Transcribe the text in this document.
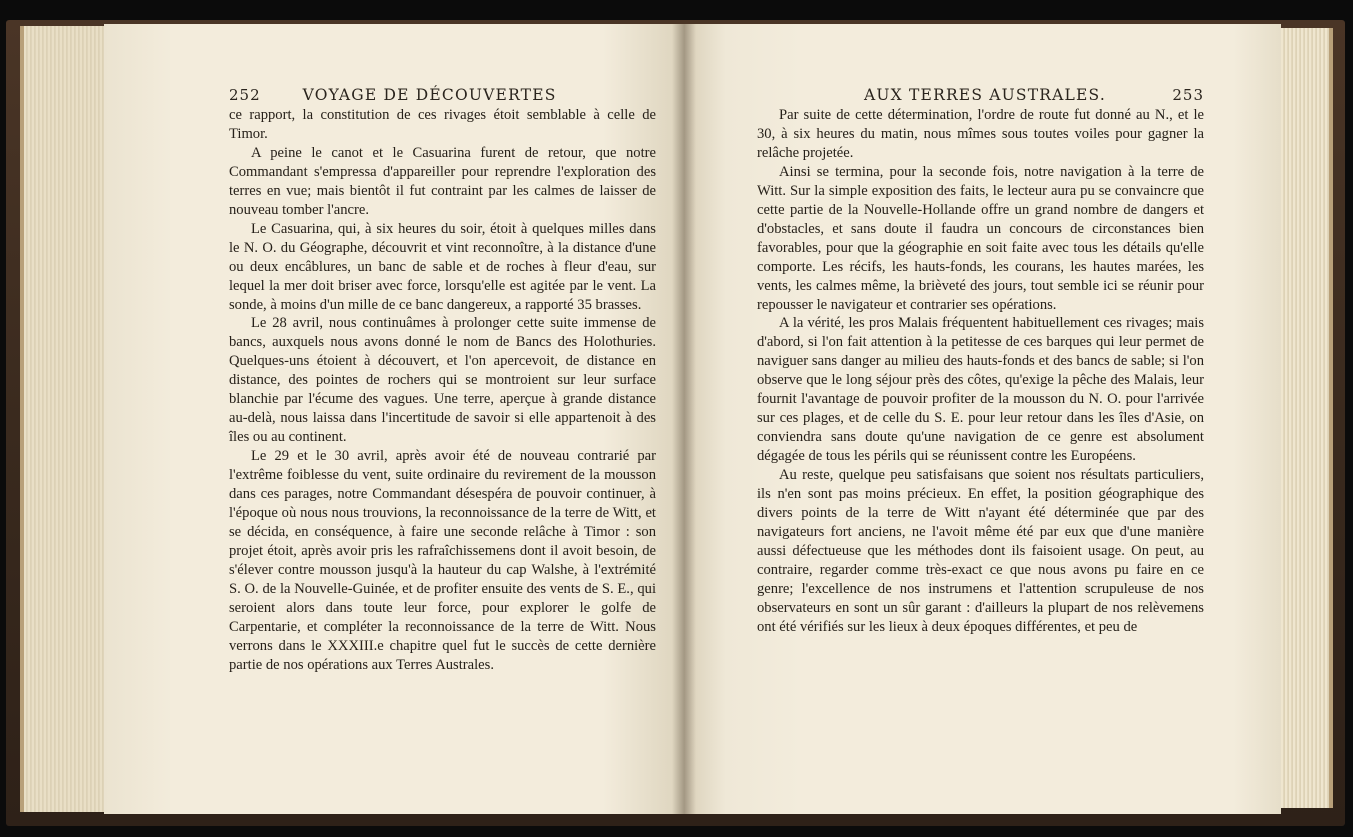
252	VOYAGE DE DÉCOUVERTES

ce rapport, la constitution de ces rivages étoit semblable à celle de Timor.

A peine le canot et le Casuarina furent de retour, que notre Commandant s'empressa d'appareiller pour reprendre l'exploration des terres en vue; mais bientôt il fut contraint par les calmes de laisser de nouveau tomber l'ancre.

Le Casuarina, qui, à six heures du soir, étoit à quelques milles dans le N. O. du Géographe, découvrit et vint reconnoître, à la distance d'une ou deux encâblures, un banc de sable et de roches à fleur d'eau, sur lequel la mer doit briser avec force, lorsqu'elle est agitée par le vent. La sonde, à moins d'un mille de ce banc dangereux, a rapporté 35 brasses.

Le 28 avril, nous continuâmes à prolonger cette suite immense de bancs, auxquels nous avons donné le nom de Bancs des Holothuries. Quelques-uns étoient à découvert, et l'on apercevoit, de distance en distance, des pointes de rochers qui se montroient sur leur surface blanchie par l'écume des vagues. Une terre, aperçue à grande distance au-delà, nous laissa dans l'incertitude de savoir si elle appartenoit à des îles ou au continent.

Le 29 et le 30 avril, après avoir été de nouveau contrarié par l'extrême foiblesse du vent, suite ordinaire du revirement de la mousson dans ces parages, notre Commandant désespéra de pouvoir continuer, à l'époque où nous nous trouvions, la reconnoissance de la terre de Witt, et se décida, en conséquence, à faire une seconde relâche à Timor : son projet étoit, après avoir pris les rafraîchissemens dont il avoit besoin, de s'élever contre mousson jusqu'à la hauteur du cap Walshe, à l'extrémité S. O. de la Nouvelle-Guinée, et de profiter ensuite des vents de S. E., qui seroient alors dans toute leur force, pour explorer le golfe de Carpentarie, et compléter la reconnoissance de la terre de Witt. Nous verrons dans le XXXIII.e chapitre quel fut le succès de cette dernière partie de nos opérations aux Terres Australes.

AUX TERRES AUSTRALES.	253

Par suite de cette détermination, l'ordre de route fut donné au N., et le 30, à six heures du matin, nous mîmes sous toutes voiles pour gagner la relâche projetée.

Ainsi se termina, pour la seconde fois, notre navigation à la terre de Witt. Sur la simple exposition des faits, le lecteur aura pu se convaincre que cette partie de la Nouvelle-Hollande offre un grand nombre de dangers et d'obstacles, et sans doute il faudra un concours de circonstances bien favorables, pour que la géographie en soit faite avec tous les détails qu'elle comporte. Les récifs, les hauts-fonds, les courans, les hautes marées, les vents, les calmes même, la brièveté des jours, tout semble ici se réunir pour repousser le navigateur et contrarier ses opérations.

A la vérité, les pros Malais fréquentent habituellement ces rivages; mais d'abord, si l'on fait attention à la petitesse de ces barques qui leur permet de naviguer sans danger au milieu des hauts-fonds et des bancs de sable; si l'on observe que le long séjour près des côtes, qu'exige la pêche des Malais, leur fournit l'avantage de pouvoir profiter de la mousson du N. O. pour l'arrivée sur ces plages, et de celle du S. E. pour leur retour dans les îles d'Asie, on conviendra sans doute qu'une navigation de ce genre est absolument dégagée de tous les périls qui se réunissent contre les Européens.

Au reste, quelque peu satisfaisans que soient nos résultats particuliers, ils n'en sont pas moins précieux. En effet, la position géographique des divers points de la terre de Witt n'ayant été déterminée que par des navigateurs fort anciens, ne l'avoit même été par eux que d'une manière aussi défectueuse que les méthodes dont ils faisoient usage. On peut, au contraire, regarder comme très-exact ce que nous avons pu faire en ce genre; l'excellence de nos instrumens et l'attention scrupuleuse de nos observateurs en sont un sûr garant : d'ailleurs la plupart de nos relèvemens ont été vérifiés sur les lieux à deux époques différentes, et peu de
